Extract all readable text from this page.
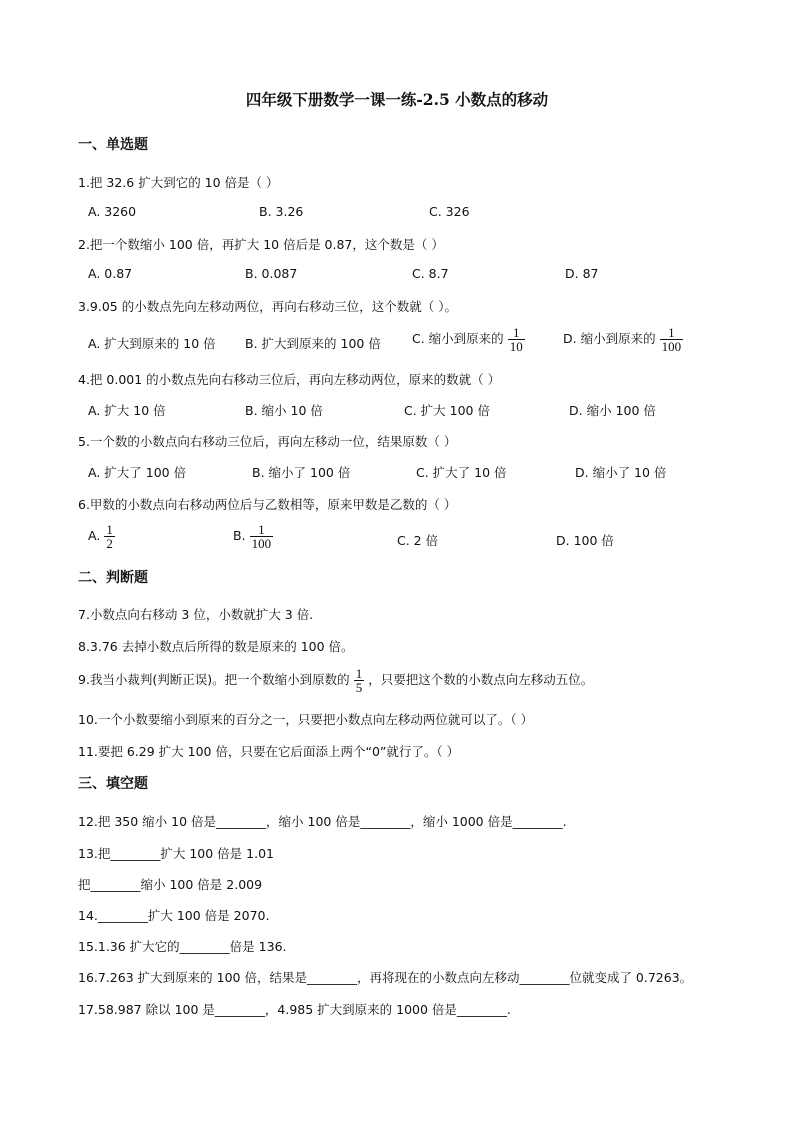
四年级下册数学一课一练-2.5 小数点的移动
一、单选题
1.把 32.6 扩大到它的 10 倍是（ ）
A. 3260	B. 3.26	C. 326
2.把一个数缩小 100 倍，再扩大 10 倍后是 0.87，这个数是（ ）
A. 0.87	B. 0.087	C. 8.7	D. 87
3.9.05 的小数点先向左移动两位，再向右移动三位，这个数就（ ）。
A. 扩大到原来的 10 倍 B. 扩大到原来的 100 倍 C. 缩小到原来的 $\frac{1}{10}$	D. 缩小到原来的 $\frac{1}{100}$
4.把 0.001 的小数点先向右移动三位后，再向左移动两位，原来的数就（ ）
A. 扩大 10 倍	B. 缩小 10 倍	C. 扩大 100 倍	D. 缩小 100 倍
5.一个数的小数点向右移动三位后，再向左移动一位，结果原数（ ）
A. 扩大了 100 倍	B. 缩小了 100 倍	C. 扩大了 10 倍	D. 缩小了 10 倍
6.甲数的小数点向右移动两位后与乙数相等，原来甲数是乙数的（ ）
A. $\frac{1}{2}$	B. $\frac{1}{100}$	C. 2 倍	D. 100 倍
二、判断题
7.小数点向右移动 3 位，小数就扩大 3 倍.
8.3.76 去掉小数点后所得的数是原来的 100 倍。
9.我当小裁判(判断正误)。把一个数缩小到原数的 $\frac{1}{5}$ ，只要把这个数的小数点向左移动五位。
10.一个小数要缩小到原来的百分之一，只要把小数点向左移动两位就可以了。（ ）
11.要把 6.29 扩大 100 倍，只要在它后面添上两个“0”就行了。（ ）
三、填空题
12.把 350 缩小 10 倍是________，缩小 100 倍是________，缩小 1000 倍是________.
13.把________扩大 100 倍是 1.01
把________缩小 100 倍是 2.009
14.________扩大 100 倍是 2070.
15.1.36 扩大它的________倍是 136.
16.7.263 扩大到原来的 100 倍，结果是________，再将现在的小数点向左移动________位就变成了 0.7263。
17.58.987 除以 100 是________，4.985 扩大到原来的 1000 倍是________.
